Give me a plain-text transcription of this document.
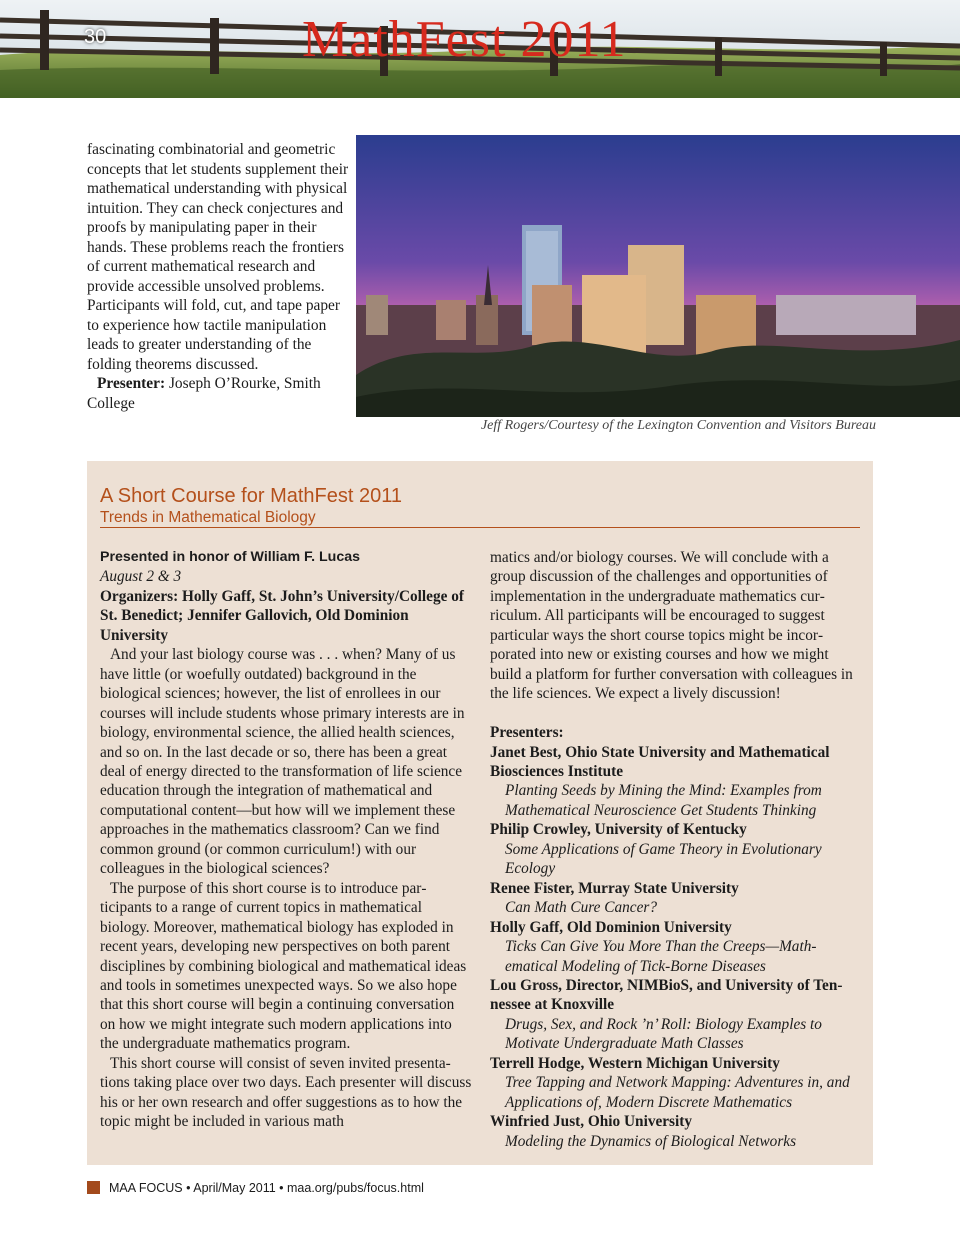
30	MathFest 2011

fascinating combinatorial and geometric concepts that let students supplement their mathematical understanding with physical intuition. They can check conjectures and proofs by manipulating paper in their hands. These problems reach the frontiers of current mathematical research and provide accessible unsolved problems. Participants will fold, cut, and tape paper to experience how tactile manipulation leads to greater understanding of the folding theorems discussed.

Presenter: Joseph O’Rourke, Smith College

Jeff Rogers/Courtesy of the Lexington Convention and Visitors Bureau
A Short Course for MathFest 2011
Trends in Mathematical Biology
Presented in honor of William F. Lucas
August 2 & 3
Organizers: Holly Gaff, St. John’s University/College of St. Benedict; Jennifer Gallovich, Old Dominion University
And your last biology course was . . . when? Many of us have little (or woefully outdated) background in the biological sciences; however, the list of enrollees in our courses will include students whose primary interests are in biology, environmental science, the allied health sciences, and so on. In the last decade or so, there has been a great deal of energy directed to the transformation of life science education through the integration of mathematical and computational content—but how will we implement these approaches in the mathematics classroom? Can we find common ground (or common curriculum!) with our colleagues in the biological sciences?
The purpose of this short course is to introduce participants to a range of current topics in mathematical biology. Moreover, mathematical biology has exploded in recent years, developing new perspectives on both parent disciplines by combining biological and mathematical ideas and tools in sometimes unexpected ways. So we also hope that this short course will begin a continuing conversation on how we might integrate such modern applications into the undergraduate mathematics program.
This short course will consist of seven invited presentations taking place over two days. Each presenter will discuss his or her own research and offer suggestions as to how the topic might be included in various math
matics and/or biology courses. We will conclude with a group discussion of the challenges and opportunities of implementation in the undergraduate mathematics curriculum. All participants will be encouraged to suggest particular ways the short course topics might be incorporated into new or existing courses and how we might build a platform for further conversation with colleagues in the life sciences. We expect a lively discussion!
Presenters:
Janet Best, Ohio State University and Mathematical Biosciences Institute
Planting Seeds by Mining the Mind: Examples from Mathematical Neuroscience Get Students Thinking
Philip Crowley, University of Kentucky
Some Applications of Game Theory in Evolutionary Ecology
Renee Fister, Murray State University
Can Math Cure Cancer?
Holly Gaff, Old Dominion University
Ticks Can Give You More Than the Creeps—Mathematical Modeling of Tick-Borne Diseases
Lou Gross, Director, NIMBioS, and University of Tennessee at Knoxville
Drugs, Sex, and Rock ’n’ Roll: Biology Examples to Motivate Undergraduate Math Classes
Terrell Hodge, Western Michigan University
Tree Tapping and Network Mapping: Adventures in, and Applications of, Modern Discrete Mathematics
Winfried Just, Ohio University
Modeling the Dynamics of Biological Networks
MAA FOCUS • April/May 2011 • maa.org/pubs/focus.html
